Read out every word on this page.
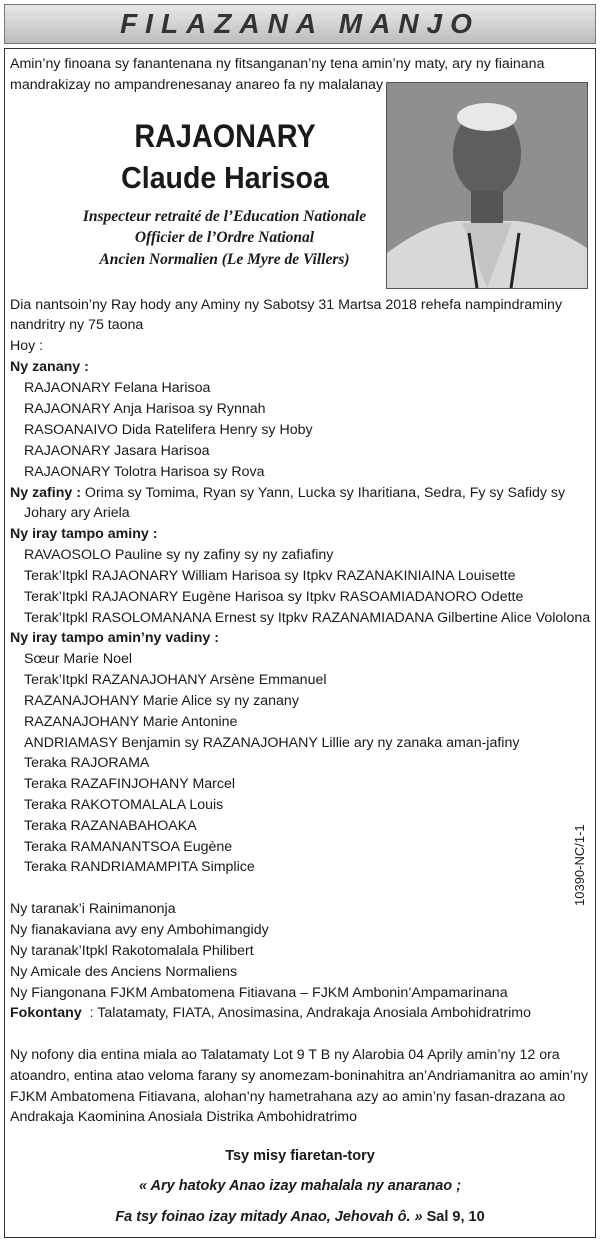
FILAZANA MANJO
Amin’ny finoana sy fanantenana ny fitsanganan’ny tena amin’ny maty, ary ny fiainana
mandrakizay no ampandrenesanay anareo fa ny malalanay
RAJAONARY
Claude Harisoa
Inspecteur retraité de l’Education Nationale
Officier de l’Ordre National
Ancien Normalien (Le Myre de Villers)
Dia nantsoin’ny Ray hody any Aminy ny Sabotsy 31 Martsa 2018 rehefa nampindraminy
nandritry ny 75 taona
Hoy :
Ny zanany :
RAJAONARY Felana Harisoa
RAJAONARY Anja Harisoa sy Rynnah
RASOANAIVO Dida Ratelifera Henry sy Hoby
RAJAONARY Jasara Harisoa
RAJAONARY Tolotra Harisoa sy Rova
Ny zafiny : Orima sy Tomima, Ryan sy Yann, Lucka sy Iharitiana, Sedra, Fy sy Safidy sy
Johary ary Ariela
Ny iray tampo aminy :
RAVAOSOLO Pauline sy ny zafiny sy ny zafiafiny
Terak’Itpkl RAJAONARY William Harisoa sy Itpkv RAZANAKINIAINA Louisette
Terak’Itpkl RAJAONARY Eugène Harisoa sy Itpkv RASOAMIADANORO Odette
Terak’Itpkl RASOLOMANANA Ernest sy Itpkv RAZANAMIADANA Gilbertine Alice Vololona
Ny iray tampo amin’ny vadiny :
Sœur Marie Noel
Terak’Itpkl RAZANAJOHANY Arsène Emmanuel
RAZANAJOHANY Marie Alice sy ny zanany
RAZANAJOHANY Marie Antonine
ANDRIAMASY Benjamin sy RAZANAJOHANY Lillie ary ny zanaka aman-jafiny
Teraka RAJORAMA
Teraka RAZAFINJOHANY Marcel
Teraka RAKOTOMALALA Louis
Teraka RAZANABAHOAKA
Teraka RAMANANTSOA Eugène
Teraka RANDRIAMAMPITA Simplice	10390-NC/1-1
Ny taranak’i Rainimanonja
Ny fianakaviana avy eny Ambohimangidy
Ny taranak’Itpkl Rakotomalala Philibert
Ny Amicale des Anciens Normaliens
Ny Fiangonana FJKM Ambatomena Fitiavana – FJKM Ambonin’Ampamarinana
Fokontany : Talatamaty, FIATA, Anosimasina, Andrakaja Anosiala Ambohidratrimo
Ny nofony dia entina miala ao Talatamaty Lot 9 T B ny Alarobia 04 Aprily amin’ny 12 ora
atoandro, entina atao veloma farany sy anomezam-boninahitra an’Andriamanitra ao amin’ny
FJKM Ambatomena Fitiavana, alohan’ny hametrahana azy ao amin’ny fasan-drazana ao
Andrakaja Kaominina Anosiala Distrika Ambohidratrimo
Tsy misy fiaretan-tory
« Ary hatoky Anao izay mahalala ny anaranao ;
Fa tsy foinao izay mitady Anao, Jehovah ô. » Sal 9, 10
